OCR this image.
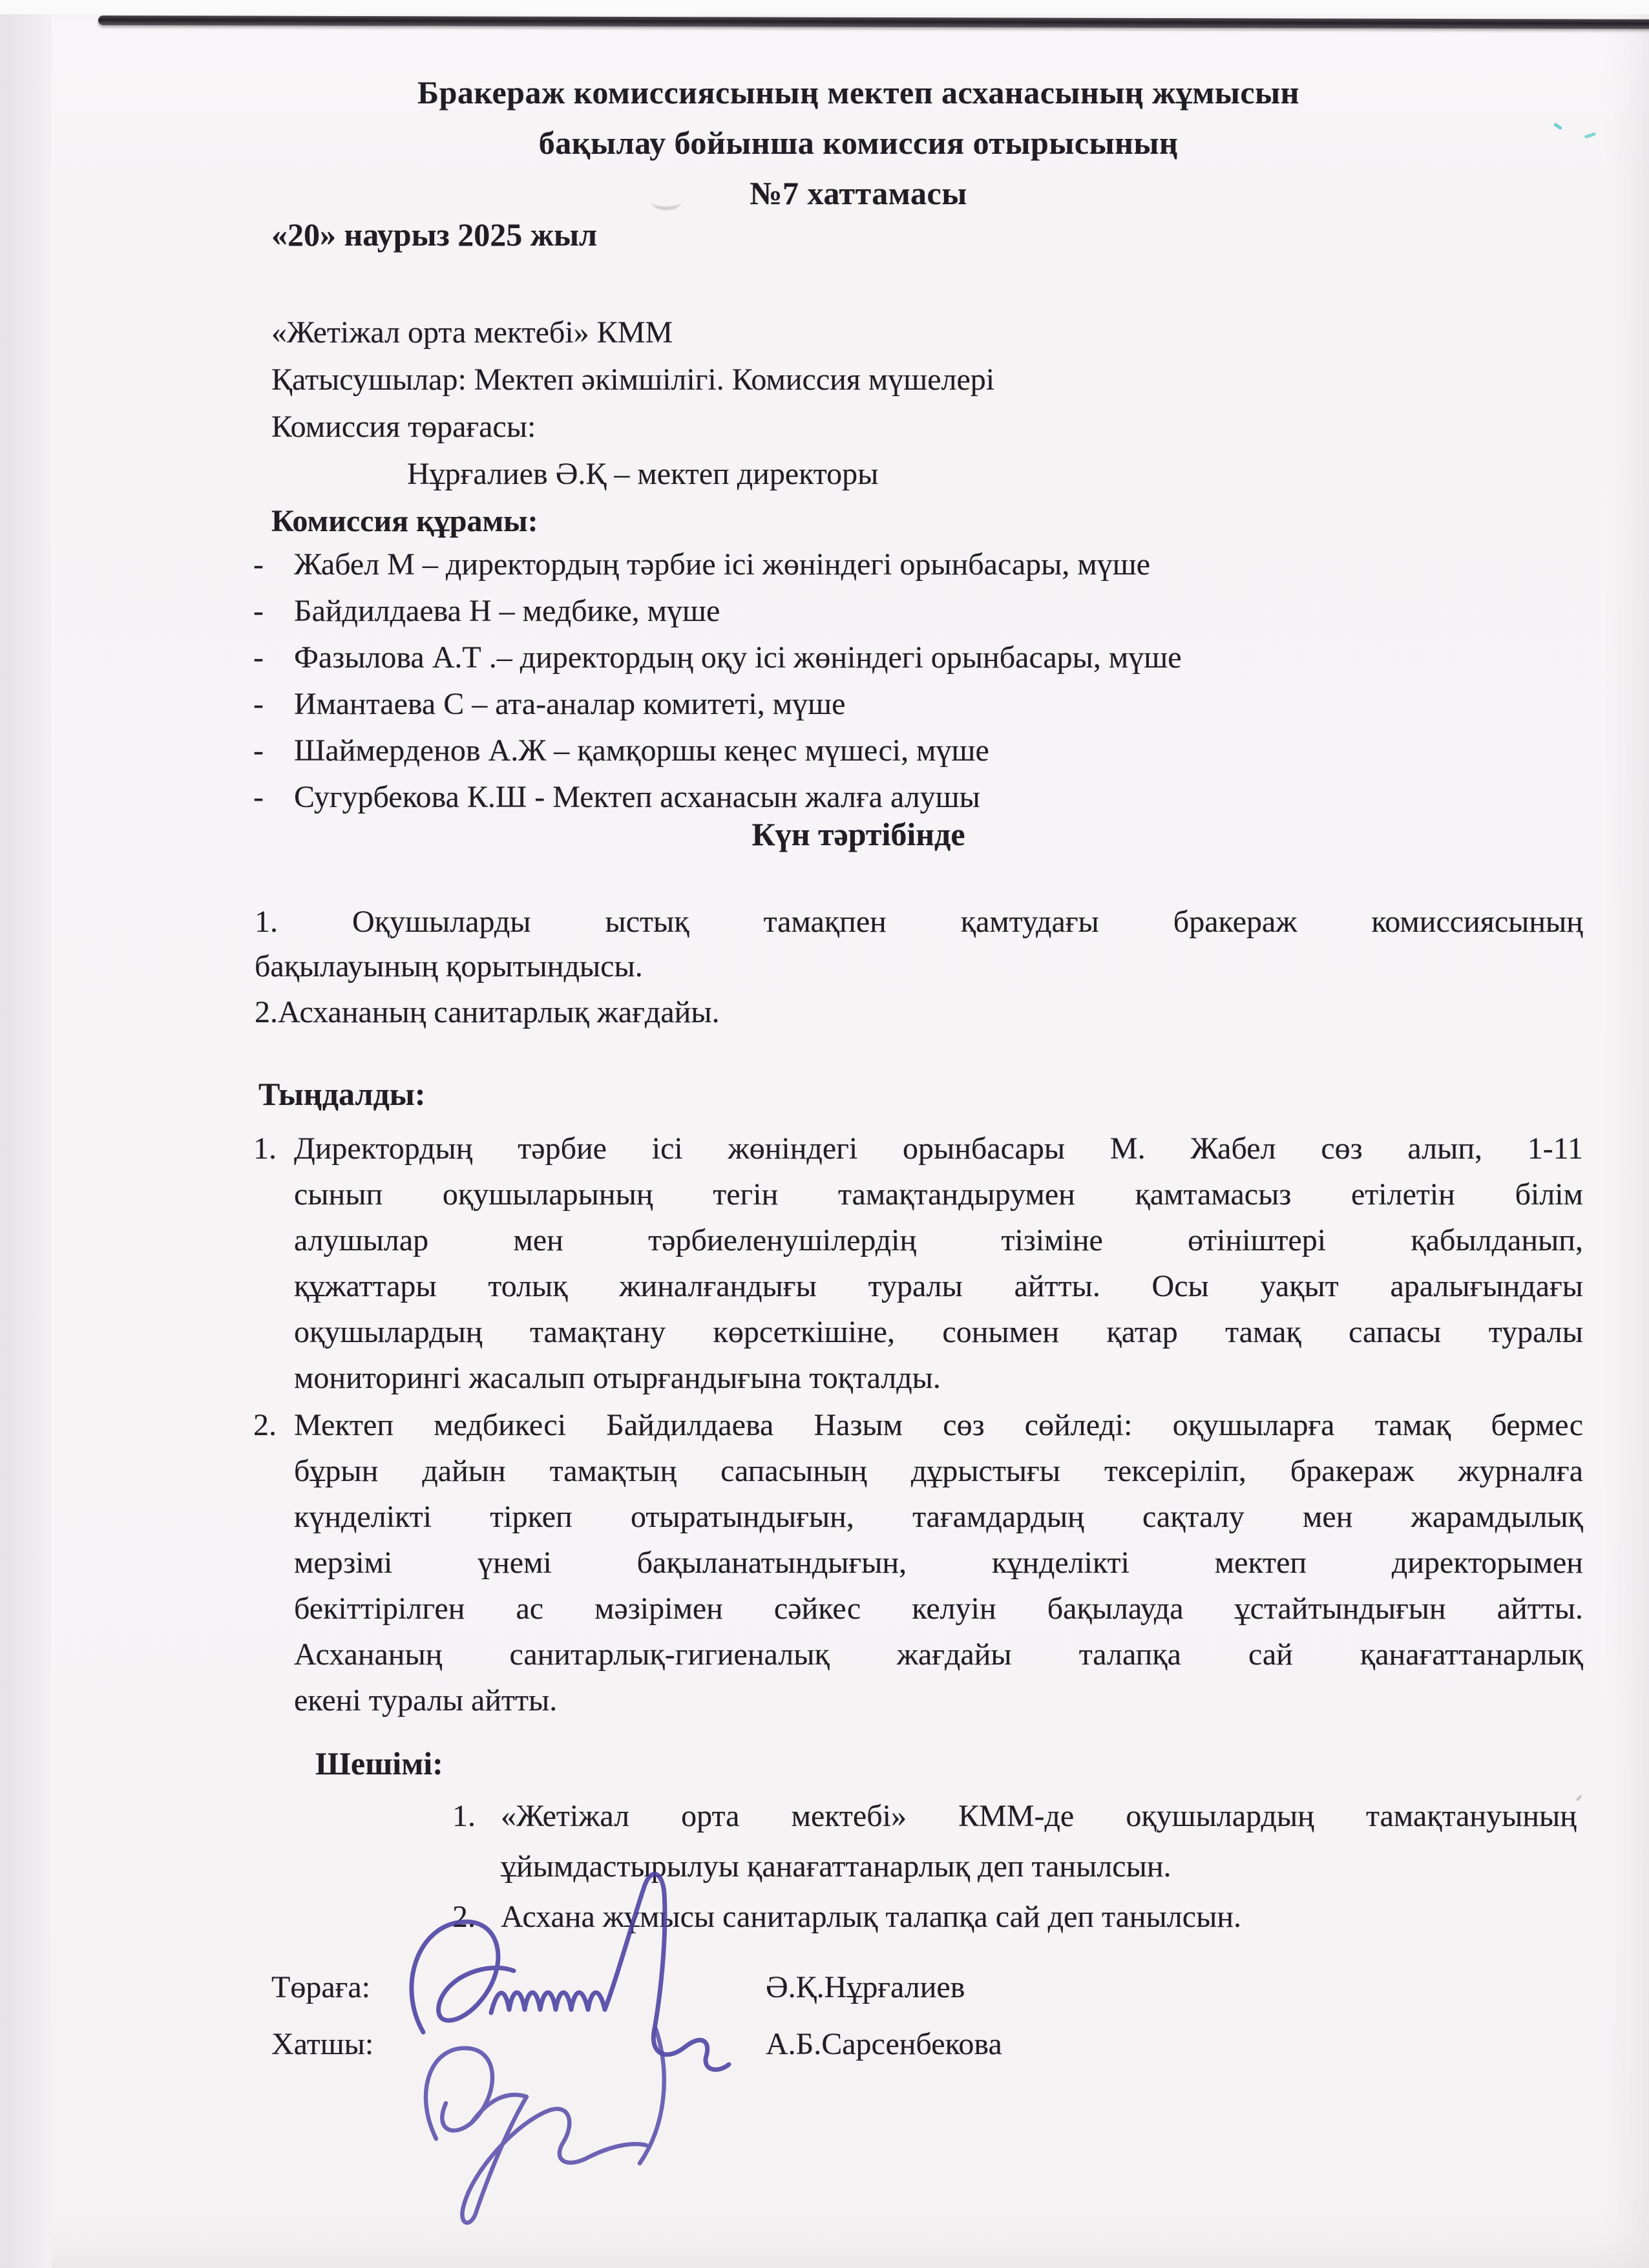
Бракераж комиссиясының мектеп асханасының жұмысын
бақылау бойынша комиссия отырысының
№7 хаттамасы
«20» наурыз 2025 жыл
«Жетіжал орта мектебі» КММ
Қатысушылар: Мектеп әкімшілігі. Комиссия мүшелері
Комиссия төрағасы:
Нұрғалиев Ә.Қ – мектеп директоры
Комиссия құрамы:
- Жабел М – директордың тәрбие ісі жөніндегі орынбасары, мүше
- Байдилдаева Н – медбике, мүше
- Фазылова А.Т .– директордың оқу ісі жөніндегі орынбасары, мүше
- Имантаева С – ата-аналар комитеті, мүше
- Шаймерденов А.Ж – қамқоршы кеңес мүшесі, мүше
- Сугурбекова К.Ш - Мектеп асханасын жалға алушы
Күн тәртібінде
1. Оқушыларды ыстық тамақпен қамтудағы бракераж комиссиясының
бақылауының қорытындысы.
2.Асхананың санитарлық жағдайы.
Тыңдалды:
1. Директордың тәрбие ісі жөніндегі орынбасары М. Жабел сөз алып, 1-11
сынып оқушыларының тегін тамақтандырумен қамтамасыз етілетін білім
алушылар мен тәрбиеленушілердің тізіміне өтініштері қабылданып,
құжаттары толық жиналғандығы туралы айтты. Осы уақыт аралығындағы
оқушылардың тамақтану көрсеткішіне, сонымен қатар тамақ сапасы туралы
мониторингі жасалып отырғандығына тоқталды.
2. Мектеп медбикесі Байдилдаева Назым сөз сөйледі: оқушыларға тамақ бермес
бұрын дайын тамақтың сапасының дұрыстығы тексеріліп, бракераж журналға
күнделікті тіркеп отыратындығын, тағамдардың сақталу мен жарамдылық
мерзімі үнемі бақыланатындығын, кұнделікті мектеп директорымен
бекіттірілген ас мәзірімен сәйкес келуін бақылауда ұстайтындығын айтты.
Асхананың санитарлық-гигиеналық жағдайы талапқа сай қанағаттанарлық
екені туралы айтты.
Шешімі:
1. «Жетіжал орта мектебі» КММ-де оқушылардың тамақтануының
ұйымдастырылуы қанағаттанарлық деп танылсын.
2. Асхана жұмысы санитарлық талапқа сай деп танылсын.
Төраға:	Ә.Қ.Нұрғалиев
Хатшы:	А.Б.Сарсенбекова
